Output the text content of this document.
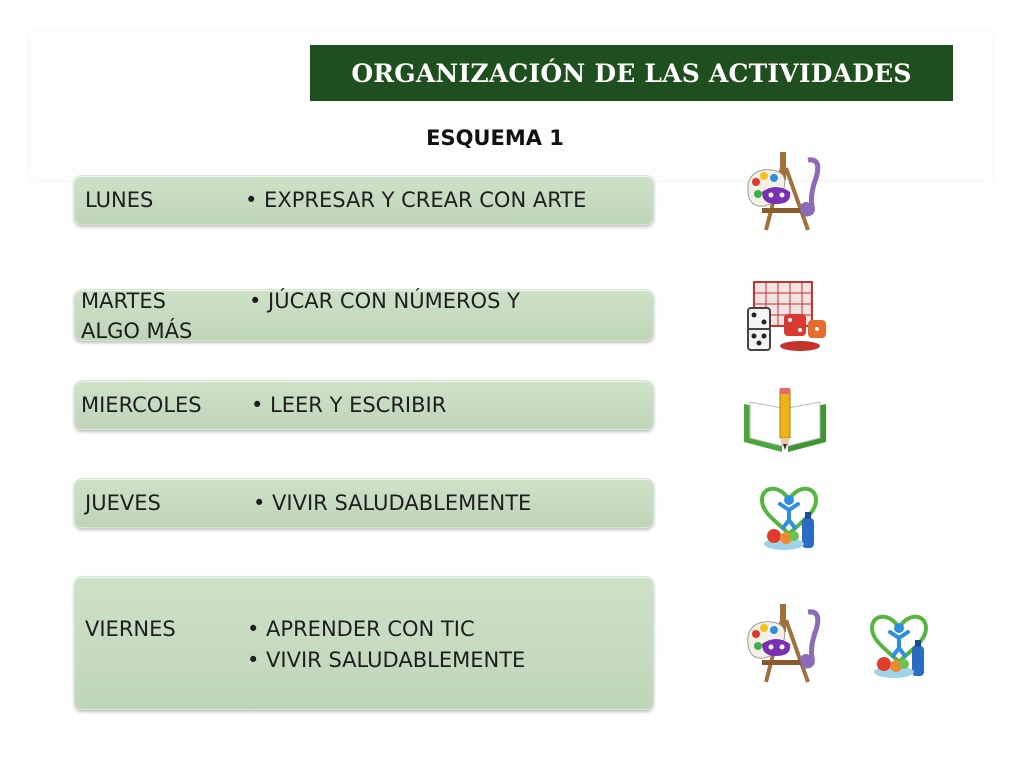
ORGANIZACIÓN DE LAS ACTIVIDADES
ESQUEMA 1
LUNES	• EXPRESAR Y CREAR CON ARTE
MARTES	• JÚCAR CON NÚMEROS Y
ALGO MÁS
MIERCOLES • LEER Y ESCRIBIR
JUEVES	• VIVIR SALUDABLEMENTE
VIERNES	• APRENDER CON TIC
• VIVIR SALUDABLEMENTE
